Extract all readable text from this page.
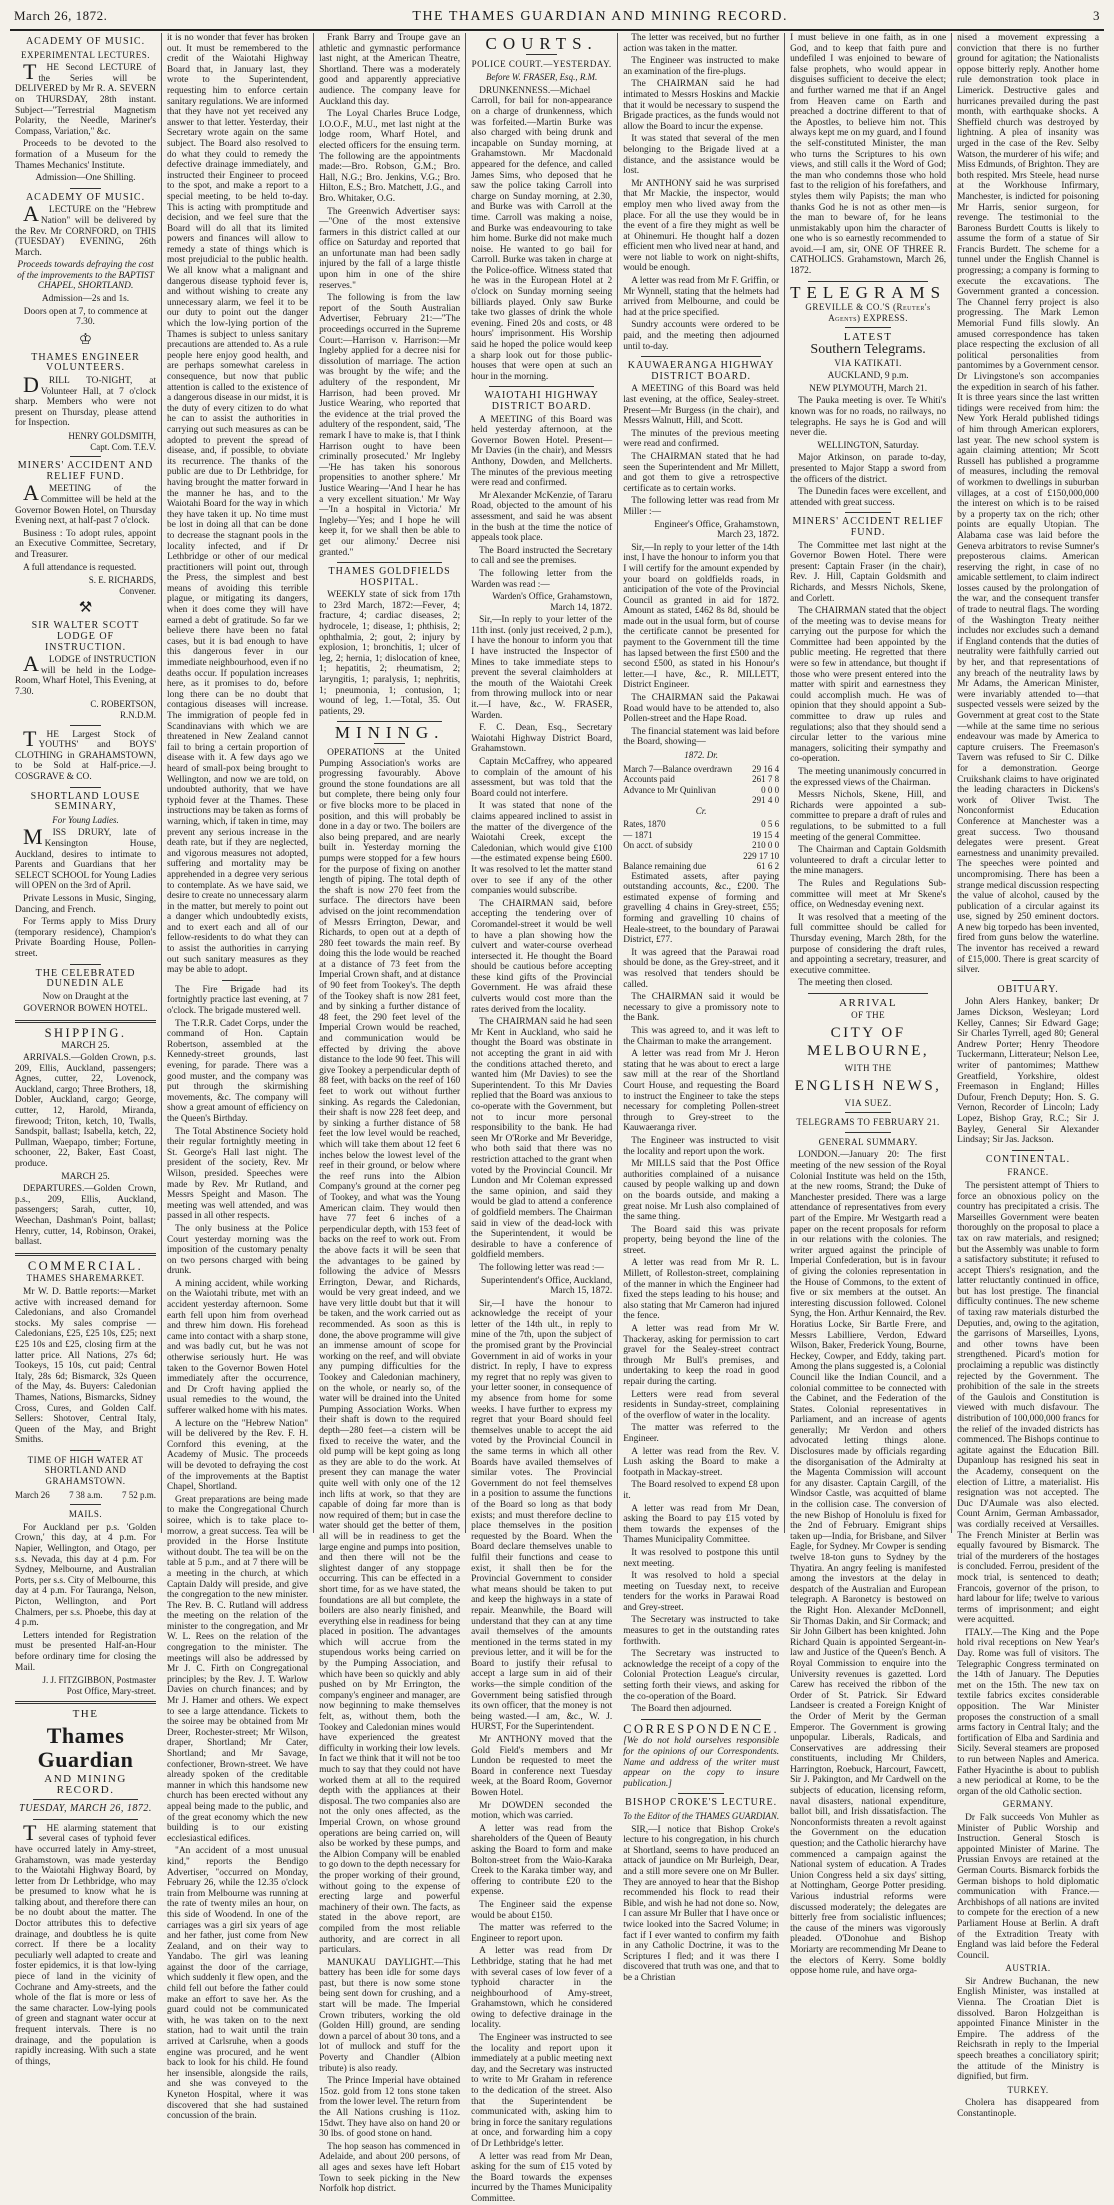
March 26, 1872.	THE THAMES GUARDIAN AND MINING RECORD.	3
ACADEMY OF MUSIC.
EXPERIMENTAL LECTURES.

THE Second LECTURE of the Series will be DELIVERED by Mr R. A. SEVERN on THURSDAY, 28th instant. Subject—"Terrestrial Magnetism Polarity, the Needle, Mariner's Compass, Variation," &c.

Proceeds to be devoted to the formation of a Museum for the Thames Mechanics' Institute.

Admission—One Shilling.

ACADEMY OF MUSIC.

ALECTURE on the "Hebrew Nation" will be delivered by the Rev. Mr CORNFORD, on THIS (TUESDAY) EVENING, 26th March.

Proceeds towards defraying the cost of the improvements to the BAPTIST CHAPEL, SHORTLAND.

Admission—2s and 1s.

Doors open at 7, to commence at 7.30.

♔
THAMES ENGINEER VOLUNTEERS.

DRILL TO-NIGHT, at Volunteer Hall, at 7 o'clock sharp. Members who were not present on Thursday, please attend for Inspection.

HENRY GOLDSMITH,
Capt. Com. T.E.V.
MINERS' ACCIDENT AND RELIEF FUND.

AMEETING of the Committee will be held at the Governor Bowen Hotel, on Thursday Evening next, at half-past 7 o'clock.

Business : To adopt rules, appoint an Executive Committee, Secretary, and Treasurer.

A full attendance is requested.

S. E. RICHARDS,
Convener.
⚒
SIR WALTER SCOTT LODGE OF INSTRUCTION.

ALODGE of INSTRUCTION will be held in the Lodge-Room, Wharf Hotel, This Evening, at 7.30.

C. ROBERTSON,
R.N.D.M.

THE Largest Stock of YOUTHS' and BOYS' CLOTHING in GRAHAMSTOWN, to be Sold at Half-price.—J. COSGRAVE & CO.

SHORTLAND LOUSE SEMINARY,
For Young Ladies.

MISS DRURY, late of Kensington House, Auckland, desires to intimate to Parents and Guardians that her SELECT SCHOOL for Young Ladies will OPEN on the 3rd of April.

Private Lessons in Music, Singing, Dancing, and French.

For Terms apply to Miss Drury (temporary residence), Champion's Private Boarding House, Pollen-street.

THE CELEBRATED DUNEDIN ALE

Now on Draught at the

GOVERNOR BOWEN HOTEL.

SHIPPING.

MARCH 25.

ARRIVALS.—Golden Crown, p.s. 209, Ellis, Auckland, passengers; Agnes, cutter, 22, Lovenock, Auckland, cargo; Three Brothers, 18, Dobler, Auckland, cargo; George, cutter, 12, Harold, Miranda, firewood; Triton, ketch, 10, Twalls, Sandspit, ballast; Isabella, ketch, 22, Pullman, Waepapo, timber; Fortune, schooner, 22, Baker, East Coast, produce.

MARCH 25.

DEPARTURES.—Golden Crown, p.s., 209, Ellis, Auckland, passengers; Sarah, cutter, 10, Weechan, Dashman's Point, ballast; Henry, cutter, 14, Robinson, Orakei, ballast.

COMMERCIAL.
THAMES SHAREMARKET.

Mr W. D. Battle reports:—Market active with increased demand for Caledonians, and also Cromandel stocks. My sales comprise —Caledonians, £25, £25 10s, £25; next £25 10s and £25, closing firm at the latter price. All Nations, 27s 6d; Tookeys, 15 10s, cut paid; Central Italy, 28s 6d; Bismarck, 32s Queen of the May, 4s. Buyers: Caledonian Thames, Nations, Bismarcks, Sidney Cross, Cures, and Golden Calf. Sellers: Shotover, Central Italy, Queen of the May, and Bright Smiths.

TIME OF HIGH WATER AT SHORTLAND AND GRAHAMSTOWN.
March 26 7 38 a.m. 7 52 p.m.
MAILS.

For Auckland per p.s. 'Golden Crown,' this day, at 4 p.m. For Napier, Wellington, and Otago, per s.s. Nevada, this day at 4 p.m. For Sydney, Melbourne, and Australian Ports, per s.s. City of Melbourne, this day at 4 p.m. For Tauranga, Nelson, Picton, Wellington, and Port Chalmers, per s.s. Phoebe, this day at 4 p.m.

Letters intended for Registration must be presented Half-an-Hour before ordinary time for closing the Mail.

J. J. FITZGIBBON, Postmaster
Post Office, Mary-street.
THE
Thames Guardian
AND MINING RECORD.
TUESDAY, MARCH 26, 1872.

THE alarming statement that several cases of typhoid fever have occurred lately in Amy-street, Grahamstown, was made yesterday to the Waiotahi Highway Board, by letter from Dr Lethbridge, who may be presumed to know what he is talking about, and therefore there can be no doubt about the matter. The Doctor attributes this to defective drainage, and doubtless he is quite correct. If there be a locality peculiarly well adapted to create and foster epidemics, it is that low-lying piece of land in the vicinity of Cochrane and Amy-streets, and the whole of the flat is more or less of the same character. Low-lying pools of green and stagnant water occur at frequent intervals. There is no drainage, and the population is rapidly increasing. With such a state of things,

it is no wonder that fever has broken out. It must be remembered to the credit of the Waiotahi Highway Board that, in January last, they wrote to the Superintendent, requesting him to enforce certain sanitary regulations. We are informed that they have not yet received any answer to that letter. Yesterday, their Secretary wrote again on the same subject. The Board also resolved to do what they could to remedy the defective drainage immediately, and instructed their Engineer to proceed to the spot, and make a report to a special meeting, to be held to-day. This is acting with promptitude and decision, and we feel sure that the Board will do all that its limited powers and finances will allow to remedy a state of things which is most prejudicial to the public health. We all know what a malignant and dangerous disease typhoid fever is, and without wishing to create any unnecessary alarm, we feel it to be our duty to point out the danger which the low-lying portion of the Thames is subject to unless sanitary precautions are attended to. As a rule people here enjoy good health, and are perhaps somewhat careless in consequence, but now that public attention is called to the existence of a dangerous disease in our midst, it is the duty of every citizen to do what he can to assist the authorities in carrying out such measures as can be adopted to prevent the spread of disease, and, if possible, to obviate its recurrence. The thanks of the public are due to Dr Lethbridge, for having brought the matter forward in the manner he has, and to the Waiotahi Board for the way in which they have taken it up. No time must be lost in doing all that can be done to decrease the stagnant pools in the locality infected, and if Dr Lethbridge or other of our medical practitioners will point out, through the Press, the simplest and best means of avoiding this terrible plague, or mitigating its dangers, when it does come they will have earned a debt of gratitude. So far we believe there have been no fatal cases, but it is bad enough to have this dangerous fever in our immediate neighbourhood, even if no deaths occur. If population increases here, as it promises to do, before long there can be no doubt that contagious diseases will increase. The immigration of people fed in Scandinavians with which we are threatened in New Zealand cannot fail to bring a certain proportion of disease with it. A few days ago we heard of small-pox being brought to Wellington, and now we are told, on undoubted authority, that we have typhoid fever at the Thames. These instructions may be taken as forms of warning, which, if taken in time, may prevent any serious increase in the death rate, but if they are neglected, and vigorous measures not adopted, suffering and mortality may be apprehended in a degree very serious to contemplate. As we have said, we desire to create no unnecessary alarm in the matter, but merely to point out a danger which undoubtedly exists, and to exert each and all of our fellow-residents to do what they can to assist the authorities in carrying out such sanitary measures as they may be able to adopt.

The Fire Brigade had its fortnightly practice last evening, at 7 o'clock. The brigade mustered well.

The T.R.R. Cadet Corps, under the command of Hon. Captain Robertson, assembled at the Kennedy-street grounds, last evening, for parade. There was a good muster, and the company was put through the skirmishing movements, &c. The company will show a great amount of efficiency on the Queen's Birthday.

The Total Abstinence Society hold their regular fortnightly meeting in St. George's Hall last night. The president of the society, Rev. Mr Wilson, presided. Speeches were made by Rev. Mr Rutland, and Messrs Speight and Mason. The meeting was well attended, and was passed in all other respects.

The only business at the Police Court yesterday morning was the imposition of the customary penalty on two persons charged with being drunk.

A mining accident, while working on the Waiotahi tribute, met with an accident yesterday afternoon. Some earth fell upon him from overhead and threw him down. His forehead came into contact with a sharp stone, and was badly cut, but he was not otherwise seriously hurt. He was taken to the Governor Bowen Hotel immediately after the occurrence, and Dr Croft having applied the usual remedies to the wound, the sufferer walked home with his mates.

A lecture on the "Hebrew Nation" will be delivered by the Rev. F. H. Cornford this evening, at the Academy of Music. The proceeds will be devoted to defraying the cost of the improvements at the Baptist Chapel, Shortland.

Great preparations are being made to make the Congregational Church soiree, which is to take place to-morrow, a great success. Tea will be provided in the Horse Institute without doubt. The tea will be on the table at 5 p.m., and at 7 there will be a meeting in the church, at which Captain Daldy will preside, and give the congregation to the new minister. The Rev. B. C. Rutland will address the meeting on the relation of the minister to the congregation, and Mr W. L. Rees on the relation of the congregation to the minister. The meetings will also be addressed by Mr J. C. Firth on Congregational principles; by the Rev. J. T. Warlow Davies on church finances; and by Mr J. Hamer and others. We expect to see a large attendance. Tickets to the soiree may be obtained from Mr Dreer, Rochester-street; Mr Wilson, draper, Shortland; Mr Cater, Shortland; and Mr Savage, confectioner, Brown-street. We have already spoken of the creditable manner in which this handsome new church has been erected without any appeal being made to the public, and of the great economy which the new building is to our existing ecclesiastical edifices.

"An accident of a most unusual kind," reports the Bendigo Advertiser, "occurred on Monday, February 26, while the 12.35 o'clock train from Melbourne was running at the rate of twenty miles an hour, on this side of Woodend. In one of the carriages was a girl six years of age and her father, just come from New Zealand, and on their way to Yandabo. The girl was leaning against the door of the carriage, which suddenly it flew open, and the child fell out before the father could make an effort to save her. As the guard could not be communicated with, he was taken on to the next station, had to wait until the train arrived at Carlsruhe, when a goods engine was procured, and he went back to look for his child. He found her insensible, alongside the rails, and she was conveyed to the Kyneton Hospital, where it was discovered that she had sustained concussion of the brain.

Frank Barry and Troupe gave an athletic and gymnastic performance last night, at the American Theatre, Shortland. There was a moderately good and apparently appreciative audience. The company leave for Auckland this day.

The Loyal Charles Bruce Lodge, I.O.O.F., M.U., met last night at the lodge room, Wharf Hotel, and elected officers for the ensuing term. The following are the appointments made:—Bro. Robson, G.M.; Bro. Hall, N.G.; Bro. Jenkins, V.G.; Bro. Hilton, E.S.; Bro. Matchett, J.G., and Bro. Whitaker, O.G.

The Greenwich Advertiser says:—"One of the most extensive farmers in this district called at our office on Saturday and reported that an unfortunate man had been sadly injured by the fall of a large thistle upon him in one of the shire reserves."

The following is from the law report of the South Australian Advertiser, February 21:—"The proceedings occurred in the Supreme Court:—Harrison v. Harrison:—Mr Ingleby applied for a decree nisi for dissolution of marriage. The action was brought by the wife; and the adultery of the respondent, Mr Harrison, had been proved. Mr Justice Wearing, who reported that the evidence at the trial proved the adultery of the respondent, said, 'The remark I have to make is, that I think Harrison ought to have been criminally prosecuted.' Mr Ingleby—'He has taken his sonorous propensities to another sphere.' Mr Justice Wearing—'And I hear he has a very excellent situation.' Mr Way—'In a hospital in Victoria.' Mr Ingleby—'Yes; and I hope he will keep it, for we shall then be able to get our alimony.' Decree nisi granted."

THAMES GOLDFIELDS HOSPITAL.

WEEKLY state of sick from 17th to 23rd March, 1872:—Fever, 4; fracture, 4; cardiac diseases, 2; hydrocele, 1; disease, 1; phthisis, 2; ophthalmia, 2; gout, 2; injury by explosion, 1; bronchitis, 1; ulcer of leg, 2; hernia, 1; dislocation of knee, 1; hepatitis, 2; rheumatism, 2; laryngitis, 1; paralysis, 1; nephritis, 1; pneumonia, 1; contusion, 1; wound of leg, 1.—Total, 35. Out patients, 29.

MINING.

OPERATIONS at the United Pumping Association's works are progressing favourably. Above ground the stone foundations are all but complete, there being only four or five blocks more to be placed in position, and this will probably be done in a day or two. The boilers are also being prepared, and are nearly built in. Yesterday morning the pumps were stopped for a few hours for the purpose of fixing on another length of piping. The total depth of the shaft is now 270 feet from the surface. The directors have been advised on the joint recommendation of Messrs Errington, Dewar, and Richards, to open out at a depth of 280 feet towards the main reef. By doing this the lode would be reached at a distance of 73 feet from the Imperial Crown shaft, and at distance of 90 feet from Tookey's. The depth of the Tookey shaft is now 281 feet, and by sinking a further distance of 48 feet, the 290 feet level of the Imperial Crown would be reached, and communication would be effected by driving the above distance to the lode 90 feet. This will give Tookey a perpendicular depth of 88 feet, with backs on the reef of 160 feet to work out without further sinking. As regards the Caledonian, their shaft is now 228 feet deep, and by sinking a further distance of 58 feet the low level would be reached, which will take them about 12 feet 6 inches below the lowest level of the reef in their ground, or below where the reef runs into the Albion Company's ground at the corner peg of Tookey, and what was the Young American claim. They would then have 77 feet 6 inches of a perpendicular depth, with 153 feet of backs on the reef to work out. From the above facts it will be seen that the advantages to be gained by following the advice of Messrs Errington, Dewar, and Richards, would be very great indeed, and we have very little doubt but that it will be taken, and the work carried out as recommended. As soon as this is done, the above programme will give an immense amount of scope for working on the reef, and will obviate any pumping difficulties for the Tookey and Caledonian machinery, on the whole, or nearly so, of the water will be drained into the United Pumping Association Works. When their shaft is down to the required depth—280 feet—a cistern will be fixed to receive the water, and the old pump will be kept going as long as they are able to do the work. At present they can manage the water quite well with only one of the 12 inch lifts at work, so that they are capable of doing far more than is now required of them; but in case the water should get the better of them, all will be in readiness to get the large engine and pumps into position, and then there will not be the slightest danger of any stoppage occurring. This can be effected in a short time, for as we have stated, the foundations are all but complete, the boilers are also nearly finished, and everything else in readiness for being placed in position. The advantages which will accrue from the stupendous works being carried on by the Pumping Association, and which have been so quickly and ably pushed on by Mr Errington, the company's engineer and manager, are now beginning to make themselves felt, as, without them, both the Tookey and Caledonian mines would have experienced the greatest difficulty in working their low levels. In fact we think that it will not be too much to say that they could not have worked them at all to the required depth with the appliances at their disposal. The two companies also are not the only ones affected, as the Imperial Crown, on whose ground operations are being carried on, will also be worked by these pumps, and the Albion Company will be enabled to go down to the depth necessary for the proper working of their ground, without going to the expense of erecting large and powerful machinery of their own. The facts, as stated in the above report, are compiled from the most reliable authority, and are correct in all particulars.

MANUKAU DAYLIGHT.—This battery has been idle for some days past, but there is now some stone being sent down for crushing, and a start will be made. The Imperial Crown tributers, working the old (Golden Hill) ground, are sending down a parcel of about 30 tons, and a lot of mullock and stuff for the Poverty and Chandler (Albion tribute) is also ready.

The Prince Imperial have obtained 15oz. gold from 12 tons stone taken from the lower level. The return from the All Nations crushing is 11oz. 15dwt. They have also on hand 20 or 30 lbs. of good stone on hand.

The hop season has commenced in Adelaide, and about 200 persons, of all ages and sexes have left Hobart Town to seek picking in the New Norfolk hop district.

COURTS.
POLICE COURT.—YESTERDAY.
Before W. FRASER, Esq., R.M.

DRUNKENNESS.—Michael Carroll, for bail for non-appearance on a charge of drunkenness, which was forfeited.—Martin Burke was also charged with being drunk and incapable on Sunday morning, at Grahamstown. Mr Macdonald appeared for the defence, and called James Sims, who deposed that he saw the police taking Carroll into charge on Sunday morning, at 2.30, and Burke was with Carroll at the time. Carroll was making a noise, and Burke was endeavouring to take him home. Burke did not make much noise. He wanted to go bail for Carroll. Burke was taken in charge at the Police-office. Witness stated that he was in the European Hotel at 2 o'clock on Sunday morning seeing billiards played. Only saw Burke take two glasses of drink the whole evening. Fined 20s and costs, or 48 hours' imprisonment. His Worship said he hoped the police would keep a sharp look out for those public-houses that were open at such an hour in the morning.

WAIOTAHI HIGHWAY DISTRICT BOARD.

A MEETING of this Board was held yesterday afternoon, at the Governor Bowen Hotel. Present—Mr Davies (in the chair), and Messrs Anthony, Dowden, and Mellcherts. The minutes of the previous meeting were read and confirmed.

Mr Alexander McKenzie, of Tararu Road, objected to the amount of his assessment, and said he was absent in the bush at the time the notice of appeals took place.

The Board instructed the Secretary to call and see the premises.

The following letter from the Warden was read :—

Warden's Office, Grahamstown, March 14, 1872.

Sir,—In reply to your letter of the 11th inst. (only just received, 2 p.m.), I have the honour to inform you that I have instructed the Inspector of Mines to take immediate steps to prevent the several claimholders at the mouth of the Waiotahi Creek from throwing mullock into or near it.—I have, &c., W. FRASER, Warden.

F. C. Dean, Esq., Secretary Waiotahi Highway District Board, Grahamstown.

Captain McCaffrey, who appeared to complain of the amount of his assessment, but was told that the Board could not interfere.

It was stated that none of the claims appeared inclined to assist in the matter of the divergence of the Waiotahi Creek, except the Caledonian, which would give £100—the estimated expense being £600. It was resolved to let the matter stand over to see if any of the other companies would subscribe.

The CHAIRMAN said, before accepting the tendering over of Coromandel-street it would be well to have a plan showing how the culvert and water-course overhead intersected it. He thought the Board should be cautious before accepting these kind gifts of the Provincial Government. He was afraid these culverts would cost more than the rates derived from the locality.

The CHAIRMAN said he had seen Mr Kent in Auckland, who said he thought the Board was obstinate in not accepting the grant in aid with the conditions attached thereto, and wanted him (Mr Davies) to see the Superintendent. To this Mr Davies replied that the Board was anxious to co-operate with the Government, but not to incur more personal responsibility to the bank. He had seen Mr O'Rorke and Mr Beveridge, who both said that there was no restriction attached to the grant when voted by the Provincial Council. Mr Lundon and Mr Coleman expressed the same opinion, and said they would be glad to attend a conference of goldfield members. The Chairman said in view of the dead-lock with the Superintendent, it would be desirable to have a conference of goldfield members.

The following letter was read :—

Superintendent's Office, Auckland, March 15, 1872.

Sir,—I have the honour to acknowledge the receipt of your letter of the 14th ult., in reply to mine of the 7th, upon the subject of the promised grant by the Provincial Government in aid of works in your district. In reply, I have to express my regret that no reply was given to your letter sooner, in consequence of my absence from home for some weeks. I have further to express my regret that your Board should feel themselves unable to accept the aid voted by the Provincial Council in the same terms in which all other Boards have availed themselves of similar votes. The Provincial Government do not feel themselves in a position to assume the functions of the Board so long as that body exists; and must therefore decline to place themselves in the position requested by the Board. When the Board declare themselves unable to fulfil their functions and cease to exist, it shall then be for the Provincial Government to consider what means should be taken to put and keep the highways in a state of repair. Meanwhile, the Board will understand that they can at any time avail themselves of the amounts mentioned in the terms stated in my previous letter, and it will be for the Board to justify their refusal to accept a large sum in aid of their works—the simple condition of the Government being satisfied through its own officer, that the money is not being wasted.—I am, &c., W. J. HURST, For the Superintendent.

Mr ANTHONY moved that the Gold Field's members and Mr Lundon be requested to meet the Board in conference next Tuesday week, at the Board Room, Governor Bowen Hotel.

Mr DOWDEN seconded the motion, which was carried.

A letter was read from the shareholders of the Queen of Beauty asking the Board to form and make Bolton-street from the Waio-Karaka Creek to the Karaka timber way, and offering to contribute £20 to the expense.

The Engineer said the expense would be about £150.

The matter was referred to the Engineer to report upon.

A letter was read from Dr Lethbridge, stating that he had met with several cases of low fever of a typhoid character in the neighbourhood of Amy-street, Grahamstown, which he considered owing to defective drainage in the locality.

The Engineer was instructed to see the locality and report upon it immediately at a public meeting next day, and the Secretary was instructed to write to Mr Graham in reference to the dedication of the street. Also that the Superintendent be communicated with, asking him to bring in force the sanitary regulations at once, and forwarding him a copy of Dr Lethbridge's letter.

A letter was read from Mr Dean, asking for the sum of £15 voted by the Board towards the expenses incurred by the Thames Municipality Committee.

The letter was received, but no further action was taken in the matter.

The Engineer was instructed to make an examination of the fire-plugs.

The CHAIRMAN said he had intimated to Messrs Hoskins and Mackie that it would be necessary to suspend the Brigade practices, as the funds would not allow the Board to incur the expense.

It was stated that several of the men belonging to the Brigade lived at a distance, and the assistance would be lost.

Mr ANTHONY said he was surprised that Mr Mackie, the inspector, would employ men who lived away from the place. For all the use they would be in the event of a fire they might as well be at Ohinemuri. He thought half a dozen efficient men who lived near at hand, and were not liable to work on night-shifts, would be enough.

A letter was read from Mr F. Griffin, or Mr Wynnell, stating that the helmets had arrived from Melbourne, and could be had at the price specified.

Sundry accounts were ordered to be paid, and the meeting then adjourned until to-day.

KAUWAERANGA HIGHWAY DISTRICT BOARD.

A MEETING of this Board was held last evening, at the office, Sealey-street. Present—Mr Burgess (in the chair), and Messrs Walnutt, Hill, and Scott.

The minutes of the previous meeting were read and confirmed.

The CHAIRMAN stated that he had seen the Superintendent and Mr Millett, and got them to give a retrospective certificate as to certain works.

The following letter was read from Mr Miller :—

Engineer's Office, Grahamstown, March 23, 1872.

Sir,—In reply to your letter of the 14th inst, I have the honour to inform you that I will certify for the amount expended by your board on goldfields roads, in anticipation of the vote of the Provincial Council as granted in aid for 1872. Amount as stated, £462 8s 8d, should be made out in the usual form, but of course the certificate cannot be presented for payment to the Government till the time has lapsed between the first £500 and the second £500, as stated in his Honour's letter.—I have, &c., R. MILLETT, District Engineer.

The CHAIRMAN said the Pakawai Road would have to be attended to, also Pollen-street and the Hape Road.

The financial statement was laid before the Board, showing—

1872. Dr.
March 7—Balance overdrawn	29 16 4
Accounts paid	261 7 8
Advance to Mr Quinlivan	0 0 0
	291 4 0
Cr.
Rates, 1870	0 5 6
— 1871	19 15 4
On acct. of subsidy	210 0 0
	229 17 10
Balance remaining due	61 6 2

Estimated assets, after paying outstanding accounts, &c., £200. The estimated expense of forming and gravelling 4 chains in Grey-street, £55; forming and gravelling 10 chains of Heale-street, to the boundary of Parawai District, £77.

It was agreed that the Parawai road should be done, as the Grey-street, and it was resolved that tenders should be called.

The CHAIRMAN said it would be necessary to give a promissory note to the Bank.

This was agreed to, and it was left to the Chairman to make the arrangement.

A letter was read from Mr J. Heron stating that he was about to erect a large saw mill at the rear of the Shortland Court House, and requesting the Board to instruct the Engineer to take the steps necessary for completing Pollen-street through to Grey-street to the Kauwaeranga river.

The Engineer was instructed to visit the locality and report upon the work.

Mr MILLS said that the Post Office authorities complained of a nuisance caused by people walking up and down on the boards outside, and making a great noise. Mr Lush also complained of the same thing.

The Board said this was private property, being beyond the line of the street.

A letter was read from Mr R. L. Millett, of Rolleston-street, complaining of the manner in which the Engineer had fixed the steps leading to his house; and also stating that Mr Cameron had injured the fence.

A letter was read from Mr W. Thackeray, asking for permission to cart gravel for the Sealey-street contract through Mr Bull's premises, and undertaking to keep the road in good repair during the carting.

Letters were read from several residents in Sunday-street, complaining of the overflow of water in the locality.

The matter was referred to the Engineer.

A letter was read from the Rev. V. Lush asking the Board to make a footpath in Mackay-street.

The Board resolved to expend £8 upon it.

A letter was read from Mr Dean, asking the Board to pay £15 voted by them towards the expenses of the Thames Municipality Committee.

It was resolved to postpone this until next meeting.

It was resolved to hold a special meeting on Tuesday next, to receive tenders for the works in Parawai Road and Grey-street.

The Secretary was instructed to take measures to get in the outstanding rates forthwith.

The Secretary was instructed to acknowledge the receipt of a copy of the Colonial Protection League's circular, setting forth their views, and asking for the co-operation of the Board.

The Board then adjourned.

CORRESPONDENCE.

[We do not hold ourselves responsible for the opinions of our Correspondents. Name and address of the writer must appear on the copy to insure publication.]

BISHOP CROKE'S LECTURE.
To the Editor of the THAMES GUARDIAN.

SIR,—I notice that Bishop Croke's lecture to his congregation, in his church at Shortland, seems to have produced an attack of jaundice on Mr Burleigh, Dear, and a still more severe one on Mr Buller. They are annoyed to hear that the Bishop recommended his flock to read their Bible, and wish he had not done so. Now, I can assure Mr Buller that I have once or twice looked into the Sacred Volume; in fact if I ever wanted to confirm my faith in any Catholic Doctrine, it was to the Scriptures I fled; and it was there I discovered that truth was one, and that to be a Christian

I must believe in one faith, as in one God, and to keep that faith pure and undefiled I was enjoined to beware of false prophets, who would appear in disguises sufficient to deceive the elect; and further warned me that if an Angel from Heaven came on Earth and preached a doctrine different to that of the Apostles, to believe him not. This always kept me on my guard, and I found the self-constituted Minister, the man who turns the Scriptures to his own views, and still calls it the Word of God; the man who condemns those who hold fast to the religion of his forefathers, and styles them wily Papists; the man who thanks God he is not as other men—is the man to beware of, for he leans unmistakably upon him the character of one who is so earnestly recommended to avoid.—I am, sir, ONE OF THREE R. CATHOLICS. Grahamstown, March 26, 1872.

TELEGRAMS
GREVILLE & CO.'S (Reuter's Agents) EXPRESS.
LATEST
Southern Telegrams.
VIA KATIKATI.

AUCKLAND, 9 p.m.

NEW PLYMOUTH, March 21.

The Pauka meeting is over. Te Whiti's known was for no roads, no railways, no telegraphs. He says he is God and will never die.

WELLINGTON, Saturday.

Major Atkinson, on parade to-day, presented to Major Stapp a sword from the officers of the district.

The Dunedin faces were excellent, and attended with great success.

MINERS' ACCIDENT RELIEF FUND.

The Committee met last night at the Governor Bowen Hotel. There were present: Captain Fraser (in the chair), Rev. J. Hill, Captain Goldsmith and Richards, and Messrs Nichols, Skene, and Corlett.

The CHAIRMAN stated that the object of the meeting was to devise means for carrying out the purpose for which the Committee had been appointed by the public meeting. He regretted that there were so few in attendance, but thought if those who were present entered into the matter with spirit and earnestness they could accomplish much. He was of opinion that they should appoint a Sub-committee to draw up rules and regulations; also that they should send a circular letter to the various mine managers, soliciting their sympathy and co-operation.

The meeting unanimously concurred in the expressed views of the Chairman.

Messrs Nichols, Skene, Hill, and Richards were appointed a sub-committee to prepare a draft of rules and regulations, to be submitted to a full meeting of the general Committee.

The Chairman and Captain Goldsmith volunteered to draft a circular letter to the mine managers.

The Rules and Regulations Sub-committee will meet at Mr Skene's office, on Wednesday evening next.

It was resolved that a meeting of the full committee should be called for Thursday evening, March 28th, for the purpose of considering the draft rules, and appointing a secretary, treasurer, and executive committee.

The meeting then closed.

ARRIVAL
OF THE
CITY OF MELBOURNE,
WITH THE
ENGLISH NEWS,
VIA SUEZ.
TELEGRAMS TO FEBRUARY 21.
GENERAL SUMMARY.

LONDON.—January 20: The first meeting of the new session of the Royal Colonial Institute was held on the 15th, at the new rooms, Strand; the Duke of Manchester presided. There was a large attendance of representatives from every part of the Empire. Mr Westgarth read a paper on the recent proposals for reform in our relations with the colonies. The writer argued against the principle of Imperial Confederation, but is in favour of giving the colonies representation in the House of Commons, to the extent of five or six members at the outset. An interesting discussion followed. Colonel Syng, the Hon. Arthur Kennaird, the Rev. Horatius Locke, Sir Bartle Frere, and Messrs Labilliere, Verdon, Edward Wilson, Baker, Frederick Young, Bourne, Heckey, Cowper, and Eddy, taking part. Among the plans suggested is, a Colonial Council like the Indian Council, and a colonial committee to be connected with the Cabinet, and the Federation of the States. Colonial representatives in Parliament, and an increase of agents generally; Mr Verdon and others advocated letting things alone. Disclosures made by officials regarding the disorganisation of the Admiralty at the Magenta Commission will account for any disaster. Captain Cargill, of the Windsor Castle, was acquitted of blame in the collision case. The conversion of the new Bishop of Honolulu is fixed for the 2nd of February. Emigrant ships taken up—India, for Brisbane, and Silver Eagle, for Sydney. Mr Cowper is sending twelve 18-ton guns to Sydney by the Thyatira. An angry feeling is manifested among the investors at the delay in despatch of the Australian and European telegraph. A Baronetcy is bestowed on the Right Hon. Alexander McDonnell, Sir Thomas Dakin, and Sir Cormack; and Sir John Gilbert has been knighted. John Richard Quain is appointed Sergeant-in-law and Justice of the Queen's Bench. A Royal Commission to enquire into the University revenues is gazetted. Lord Carew has received the ribbon of the Order of St. Patrick. Sir Edward Landseer is created a Foreign Knight of the Order of Merit by the German Emperor. The Government is growing unpopular. Liberals, Radicals, and Conservatives are addressing their constituents, including Mr Childers, Harrington, Roebuck, Harcourt, Fawcett, Sir J. Pakington, and Mr Cardwell on the subjects of education, licensing reform, naval disasters, national expenditure, ballot bill, and Irish dissatisfaction. The Nonconformists threaten a revolt against the Government on the education question; and the Catholic hierarchy have commenced a campaign against the National system of education. A Trades Union Congress held a six days' sitting, at Nottingham, George Potter presiding. Various industrial reforms were discussed moderately; the delegates are bitterly free from socialistic influences; the cause of the miners was vigorously pleaded. O'Donohue and Bishop Moriarty are recommending Mr Deane to the electors of Kerry. Some boldly oppose home rule, and have orga-

nised a movement expressing a conviction that there is no further ground for agitation; the Nationalists oppose bitterly reply. Another home rule demonstration took place in Limerick. Destructive gales and hurricanes prevailed during the past month, with earthquake shocks. A Sheffield church was destroyed by lightning. A plea of insanity was urged in the case of the Rev. Selby Watson, the murderer of his wife; and Miss Edmunds, of Brighton. They are both respited. Mrs Steele, head nurse at the Workhouse Infirmary, Manchester, is indicted for poisoning Mr Harris, senior surgeon, for revenge. The testimonial to the Baroness Burdett Coutts is likely to assume the form of a statue of Sir Francis Burdett. The scheme for a tunnel under the English Channel is progressing; a company is forming to execute the excavations. The Government granted a concession. The Channel ferry project is also progressing. The Mark Lemon Memorial Fund fills slowly. An amused correspondence has taken place respecting the exclusion of all political personalities from pantomimes by a Government censor. Dr Livingstone's son accompanies the expedition in search of his father. It is three years since the last written tidings were received from him: the New York Herald published tidings of him through American explorers, last year. The new school system is again claiming attention; Mr Scott Russell has published a programme of measures, including the removal of workmen to dwellings in suburban villages, at a cost of £150,000,000 the interest on which is to be raised by a property tax on the rich; other points are equally Utopian. The Alabama case was laid before the Geneva arbitrators to revise Sumner's preposterous claims. American reserving the right, in case of no amicable settlement, to claim indirect losses caused by the prolongation of the war, and the consequent transfer of trade to neutral flags. The wording of the Washington Treaty neither includes nor excludes such a demand if England contends that the duties of neutrality were faithfully carried out by her, and that representations of any breach of the neutrality laws by Mr Adams, the American Minister, were invariably attended to—that suspected vessels were seized by the Government at great cost to the State—while at the same time no serious endeavour was made by America to capture cruisers. The Freemason's Tavern was refused to Sir C. Dilke for a demonstration. George Cruikshank claims to have originated the leading characters in Dickens's work of Oliver Twist. The Nonconformist Education Conference at Manchester was a great success. Two thousand delegates were present. Great earnestness and unanimity prevailed. The speeches were pointed and uncompromising. There has been a strange medical discussion respecting the value of alcohol, caused by the publication of a circular against its use, signed by 250 eminent doctors. A new big torpedo has been invented, fired from guns below the waterline. The inventor has received a reward of £15,000. There is great scarcity of silver.

OBITUARY.

John Alers Hankey, banker; Dr James Dickson, Wesleyan; Lord Kelley, Cannes; Sir Edward Gage; Sir Charles Tyrrell, aged 80; General Andrew Porter; Henry Theodore Tuckermann, Litterateur; Nelson Lee, writer of pantomimes; Matthew Greatfield, Yorkshire, oldest Freemason in England; Hilles Dufour, French Deputy; Hon. S. G. Vernon, Recorder of Lincoln; Lady Lopez, Bishop Gray, R.C.; Sir J. Bayley, General Sir Alexander Lindsay; Sir Jas. Jackson.

CONTINENTAL.
FRANCE.

The persistent attempt of Thiers to force an obnoxious policy on the country has precipitated a crisis. The Marseilles Government were beaten thoroughly on the proposal to place a tax on raw materials, and resigned; but the Assembly was unable to form a satisfactory substitute; it refused to accept Thiers's resignation, and the latter reluctantly continued in office, but has lost prestige. The financial difficulty continues. The new scheme of taxing raw materials disturbed the Deputies, and, owing to the agitation, the garrisons of Marseilles, Lyons, and other towns have been strengthened. Picard's motion for proclaiming a republic was distinctly rejected by the Government. The prohibition of the sale in the streets of the Gaulois and Constitution is viewed with much disfavour. The distribution of 100,000,000 francs for the relief of the invaded districts has commenced. The Bishops continue to agitate against the Education Bill. Dupanloup has resigned his seat in the Academy, consequent on the election of Littre, a materialist. His resignation was not accepted. The Duc D'Aumale was also elected. Count Arnim, German Ambassador, was cordially received at Versailles. The French Minister at Berlin was equally favoured by Bismarck. The trial of the murderers of the hostages is concluded. Ferrou, president of the mock trial, is sentenced to death; Francois, governor of the prison, to hard labour for life; twelve to various terms of imprisonment; and eight were acquitted.

ITALY.—The King and the Pope hold rival receptions on New Year's Day. Rome was full of visitors. The Telegraphic Congress terminated on the 14th of January. The Deputies met on the 15th. The new tax on textile fabrics excites considerable opposition. The War Minister proposes the construction of a small arms factory in Central Italy; and the fortification of Elba and Sardinia and Sicily. Several steamers are proposed to run between Naples and America. Father Hyacinthe is about to publish a new periodical at Rome, to be the organ of the old Catholic section.

GERMANY.

Dr Falk succeeds Von Muhler as Minister of Public Worship and Instruction. General Stosch is appointed Minister of Marine. The Prussian Envoys are retained at the German Courts. Bismarck forbids the German bishops to hold diplomatic communication with France.—Archbishops of all nations are invited to compete for the erection of a new Parliament House at Berlin. A draft of the Extradition Treaty with England was laid before the Federal Council.

AUSTRIA.

Sir Andrew Buchanan, the new English Minister, was installed at Vienna. The Croatian Diet is dissolved. Baron Holzgeithan is appointed Finance Minister in the Empire. The address of the Reichsrath in reply to the Imperial speech breathes a conciliatory spirit; the attitude of the Ministry is dignified, but firm.

TURKEY.

Cholera has disappeared from Constantinople.
